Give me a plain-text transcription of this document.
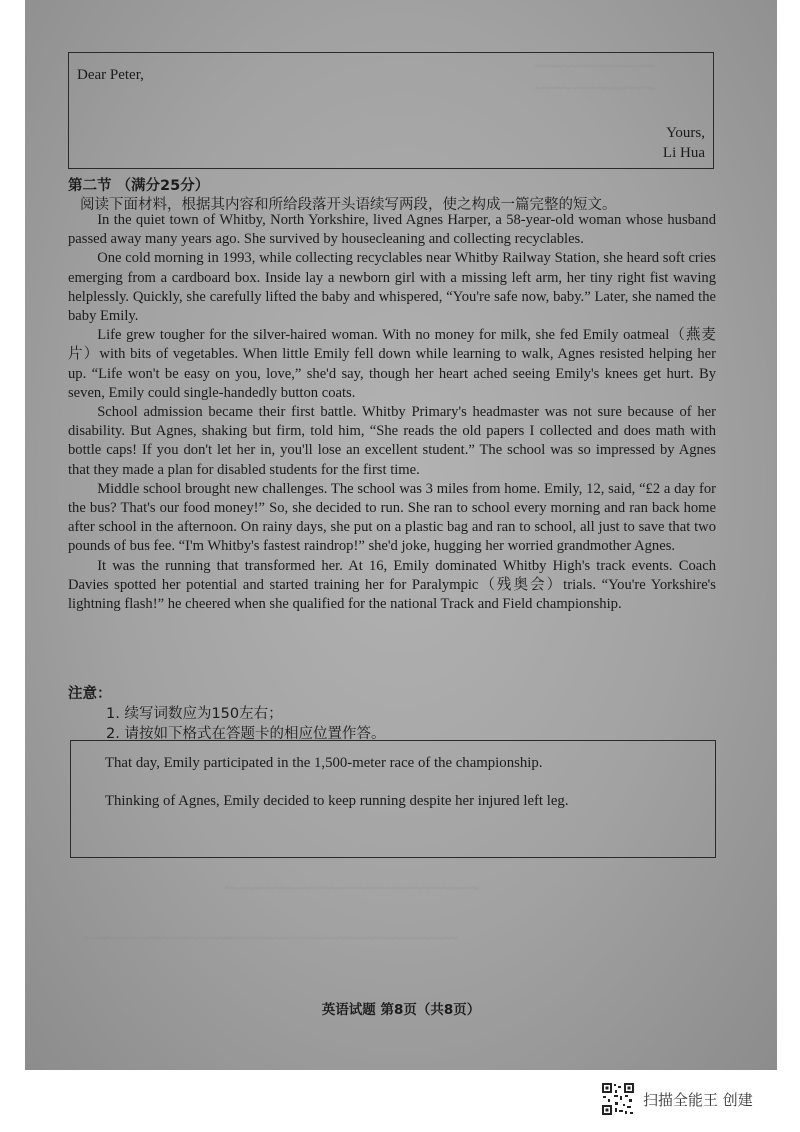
~~~~~~~~~~~~~~~~~
~~~~~~~~~~~~~~~~~
~~~~~~~~~~~~~~~~~~~~~~~~~~~~~~~~~~~~
~~~~~~~~~~~~~~~~~~~~~~~~~~~~~~~~~~~~~~~~~~~~~~~~~~~~~
Dear Peter,
Yours,
Li Hua
第二节 （满分25分）
阅读下面材料，根据其内容和所给段落开头语续写两段，使之构成一篇完整的短文。

In the quiet town of Whitby, North Yorkshire, lived Agnes Harper, a 58-year-old woman whose husband passed away many years ago. She survived by housecleaning and collecting recyclables.

One cold morning in 1993, while collecting recyclables near Whitby Railway Station, she heard soft cries emerging from a cardboard box. Inside lay a newborn girl with a missing left arm, her tiny right fist waving helplessly. Quickly, she carefully lifted the baby and whispered, “You're safe now, baby.” Later, she named the baby Emily.

Life grew tougher for the silver-haired woman. With no money for milk, she fed Emily oatmeal（燕麦片）with bits of vegetables. When little Emily fell down while learning to walk, Agnes resisted helping her up. “Life won't be easy on you, love,” she'd say, though her heart ached seeing Emily's knees get hurt. By seven, Emily could single-handedly button coats.

School admission became their first battle. Whitby Primary's headmaster was not sure because of her disability. But Agnes, shaking but firm, told him, “She reads the old papers I collected and does math with bottle caps! If you don't let her in, you'll lose an excellent student.” The school was so impressed by Agnes that they made a plan for disabled students for the first time.

Middle school brought new challenges. The school was 3 miles from home. Emily, 12, said, “£2 a day for the bus? That's our food money!” So, she decided to run. She ran to school every morning and ran back home after school in the afternoon. On rainy days, she put on a plastic bag and ran to school, all just to save that two pounds of bus fee. “I'm Whitby's fastest raindrop!” she'd joke, hugging her worried grandmother Agnes.

It was the running that transformed her. At 16, Emily dominated Whitby High's track events. Coach Davies spotted her potential and started training her for Paralympic（残奥会）trials. “You're Yorkshire's lightning flash!” he cheered when she qualified for the national Track and Field championship.

注意：
1. 续写词数应为150左右；
2. 请按如下格式在答题卡的相应位置作答。
That day, Emily participated in the 1,500-meter race of the championship.
Thinking of Agnes, Emily decided to keep running despite her injured left leg.
英语试题 第8页（共8页）
扫描全能王 创建
